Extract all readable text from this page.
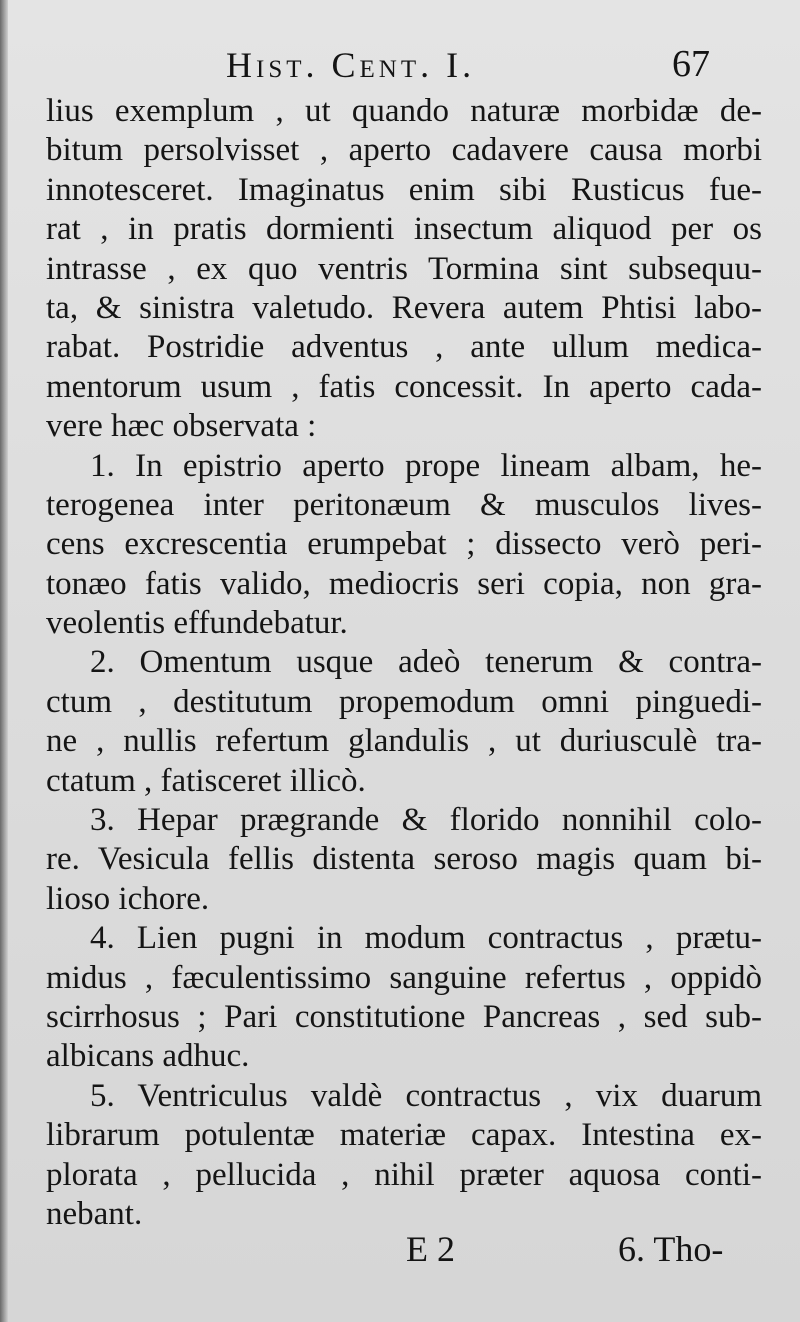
Hist. Cent. I.	67
lius exemplum , ut quando naturæ morbidæ de-
bitum persolvisset , aperto cadavere causa morbi
innotesceret. Imaginatus enim sibi Rusticus fue-
rat , in pratis dormienti insectum aliquod per os
intrasse , ex quo ventris Tormina sint subsequu-
ta, & sinistra valetudo. Revera autem Phtisi labo-
rabat. Postridie adventus , ante ullum medica-
mentorum usum , fatis concessit. In aperto cada-
vere hæc observata :
1. In epistrio aperto prope lineam albam, he-
terogenea inter peritonæum & musculos lives-
cens excrescentia erumpebat ; dissecto verò peri-
tonæo fatis valido, mediocris seri copia, non gra-
veolentis effundebatur.
2. Omentum usque adeò tenerum & contra-
ctum , destitutum propemodum omni pinguedi-
ne , nullis refertum glandulis , ut duriusculè tra-
ctatum , fatisceret illicò.
3. Hepar prægrande & florido nonnihil colo-
re. Vesicula fellis distenta seroso magis quam bi-
lioso ichore.
4. Lien pugni in modum contractus , prætu-
midus , fæculentissimo sanguine refertus , oppidò
scirrhosus ; Pari constitutione Pancreas , sed sub-
albicans adhuc.
5. Ventriculus valdè contractus , vix duarum
librarum potulentæ materiæ capax. Intestina ex-
plorata , pellucida , nihil præter aquosa conti-
nebant.
E 2	6. Tho-
